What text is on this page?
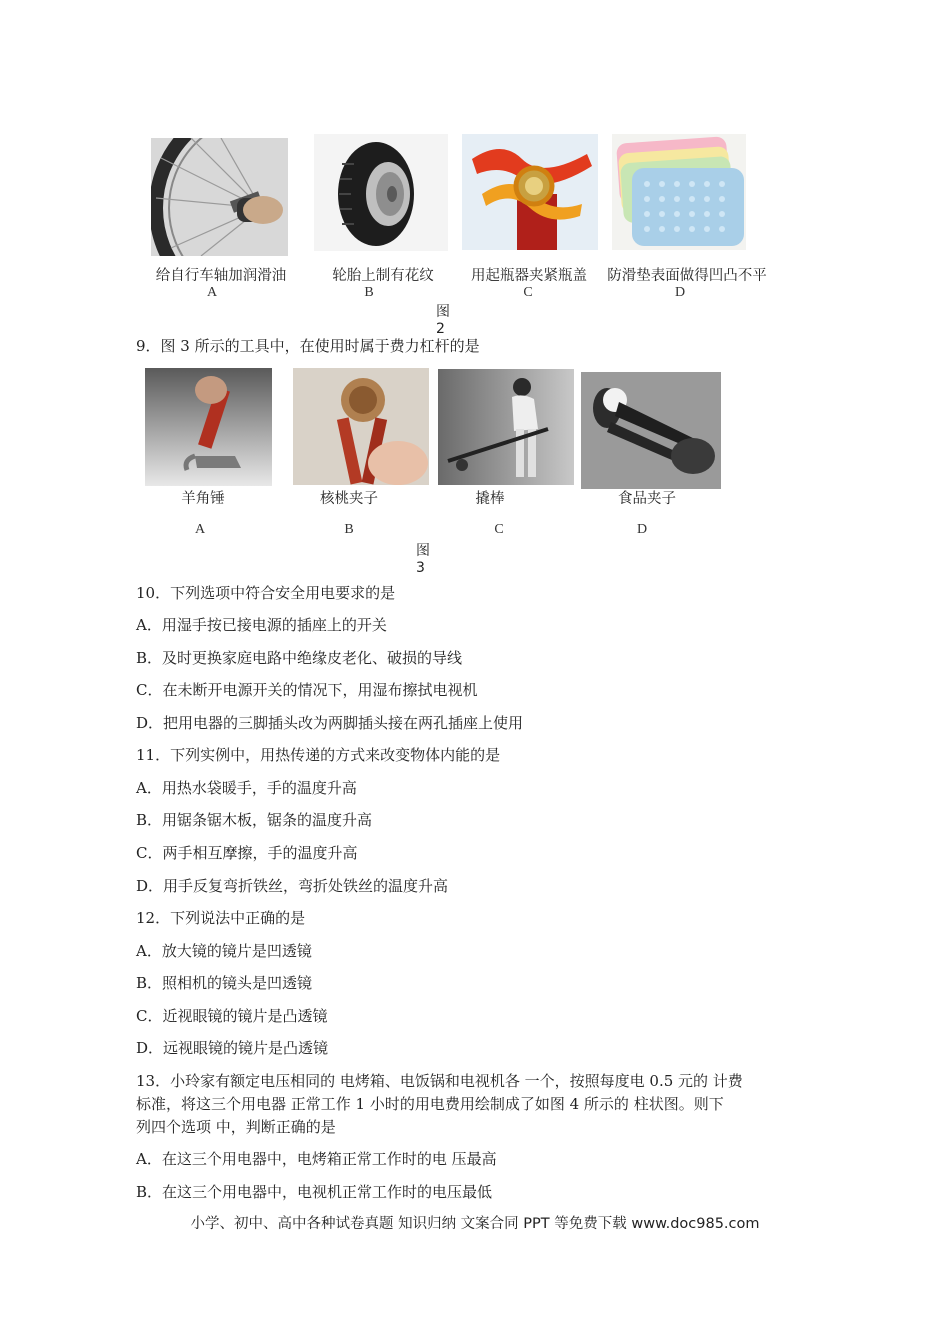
给自行车轴加润滑油	轮胎上制有花纹	用起瓶器夹紧瓶盖	防滑垫表面做得凹凸不平
A	B	C	D
图 2
9．图 3 所示的工具中，在使用时属于费力杠杆的是
羊角锤	核桃夹子	撬棒	食品夹子
A	B	C	D
图 3
10．下列选项中符合安全用电要求的是
A．用湿手按已接电源的插座上的开关
B．及时更换家庭电路中绝缘皮老化、破损的导线
C．在未断开电源开关的情况下，用湿布擦拭电视机
D．把用电器的三脚插头改为两脚插头接在两孔插座上使用
11．下列实例中，用热传递的方式来改变物体内能的是
A．用热水袋暖手，手的温度升高
B．用锯条锯木板，锯条的温度升高
C．两手相互摩擦，手的温度升高
D．用手反复弯折铁丝，弯折处铁丝的温度升高
12．下列说法中正确的是
A．放大镜的镜片是凹透镜
B．照相机的镜头是凹透镜
C．近视眼镜的镜片是凸透镜
D．远视眼镜的镜片是凸透镜
13．小玲家有额定电压相同的 电烤箱、电饭锅和电视机各 一个，按照每度电 0.5 元的 计费
标准，将这三个用电器 正常工作 1 小时的用电费用绘制成了如图 4 所示的 柱状图。则下
列四个选项 中，判断正确的是
A．在这三个用电器中，电烤箱正常工作时的电 压最高
B．在这三个用电器中，电视机正常工作时的电压最低
小学、初中、高中各种试卷真题 知识归纳 文案合同 PPT 等免费下载 www.doc985.com
